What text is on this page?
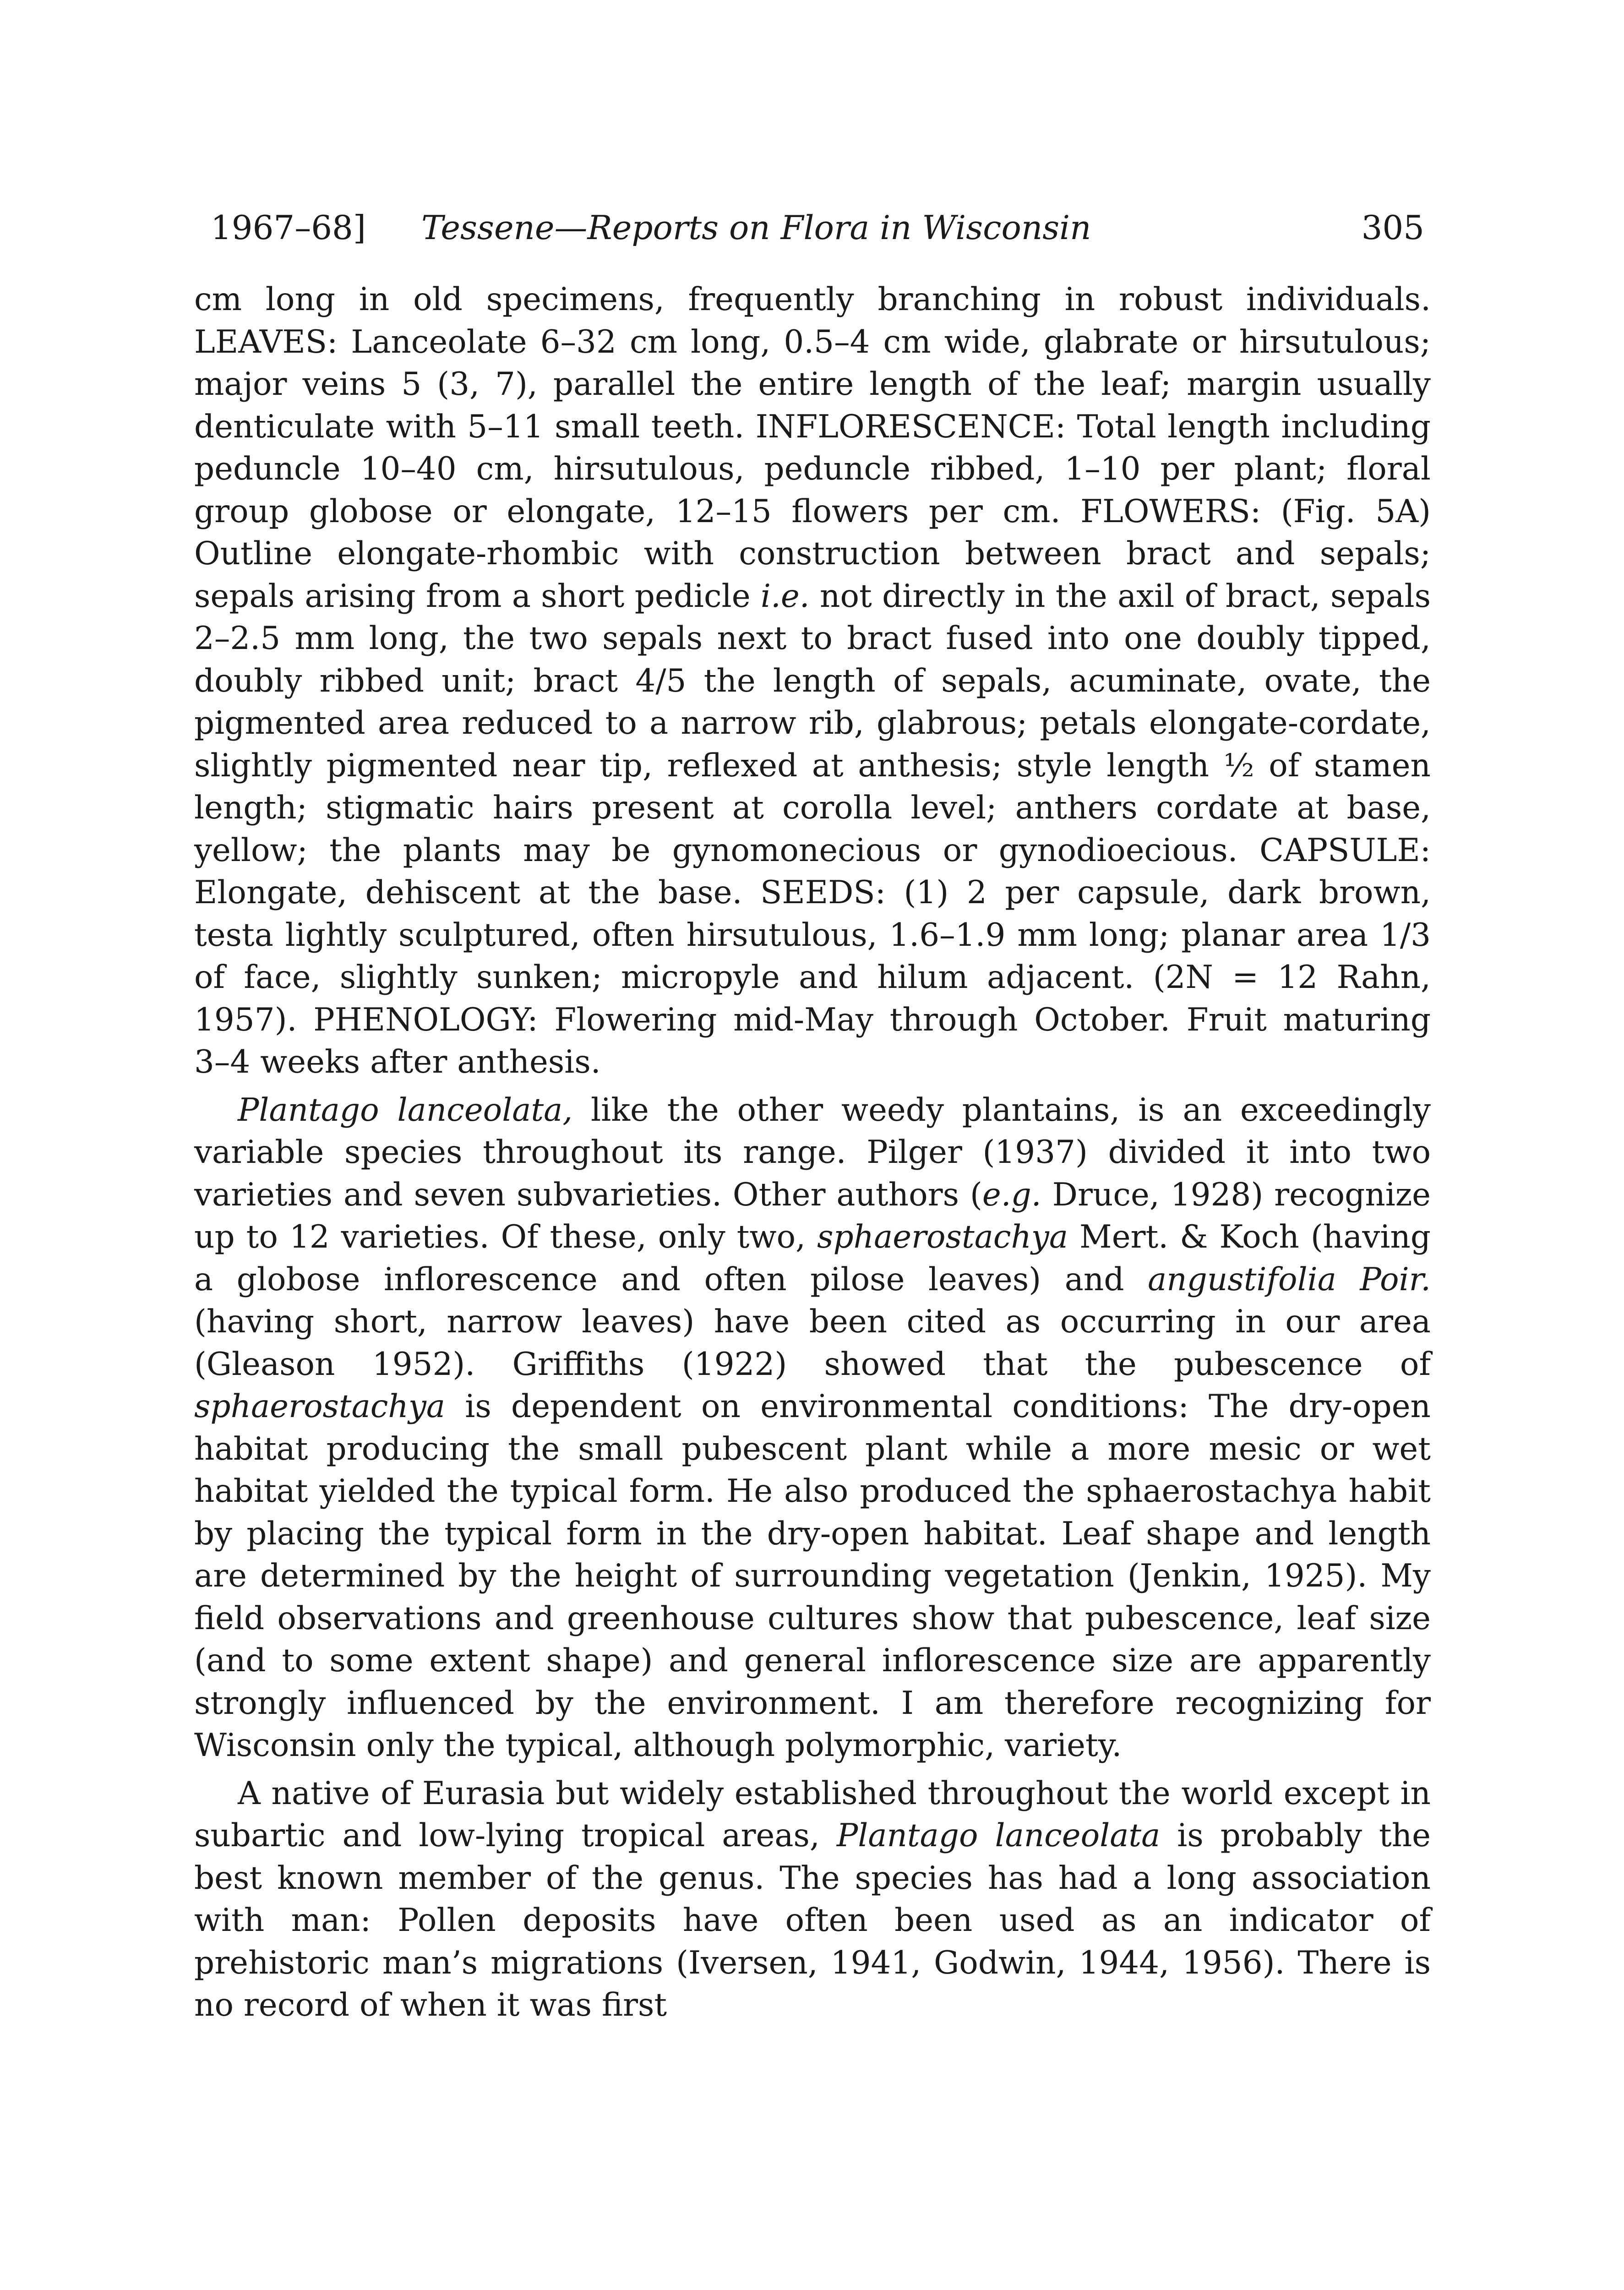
1967–68] Tessene—Reports on Flora in Wisconsin	305

cm long in old specimens, frequently branching in robust individuals. LEAVES: Lanceolate 6–32 cm long, 0.5–4 cm wide, glabrate or hirsutulous; major veins 5 (3, 7), parallel the entire length of the leaf; margin usually denticulate with 5–11 small teeth. INFLORESCENCE: Total length including peduncle 10–40 cm, hirsutulous, peduncle ribbed, 1–10 per plant; floral group globose or elongate, 12–15 flowers per cm. FLOWERS: (Fig. 5A) Outline elongate-rhombic with construction between bract and sepals; sepals arising from a short pedicle i.e. not directly in the axil of bract, sepals 2–2.5 mm long, the two sepals next to bract fused into one doubly tipped, doubly ribbed unit; bract 4/5 the length of sepals, acuminate, ovate, the pigmented area reduced to a narrow rib, glabrous; petals elongate-cordate, slightly pigmented near tip, reflexed at anthesis; style length ½ of stamen length; stigmatic hairs present at corolla level; anthers cordate at base, yellow; the plants may be gynomonecious or gynodioecious. CAPSULE: Elongate, dehiscent at the base. SEEDS: (1) 2 per capsule, dark brown, testa lightly sculptured, often hirsutulous, 1.6–1.9 mm long; planar area 1/3 of face, slightly sunken; micropyle and hilum adjacent. (2N = 12 Rahn, 1957). PHENOLOGY: Flowering mid-May through October. Fruit maturing 3–4 weeks after anthesis.

Plantago lanceolata, like the other weedy plantains, is an exceedingly variable species throughout its range. Pilger (1937) divided it into two varieties and seven subvarieties. Other authors (e.g. Druce, 1928) recognize up to 12 varieties. Of these, only two, sphaerostachya Mert. & Koch (having a globose inflorescence and often pilose leaves) and angustifolia Poir. (having short, narrow leaves) have been cited as occurring in our area (Gleason 1952). Griffiths (1922) showed that the pubescence of sphaerostachya is dependent on environmental conditions: The dry-open habitat producing the small pubescent plant while a more mesic or wet habitat yielded the typical form. He also produced the sphaerostachya habit by placing the typical form in the dry-open habitat. Leaf shape and length are determined by the height of surrounding vegetation (Jenkin, 1925). My field observations and greenhouse cultures show that pubescence, leaf size (and to some extent shape) and general inflorescence size are apparently strongly influenced by the environment. I am therefore recognizing for Wisconsin only the typical, although polymorphic, variety.

A native of Eurasia but widely established throughout the world except in subartic and low-lying tropical areas, Plantago lanceolata is probably the best known member of the genus. The species has had a long association with man: Pollen deposits have often been used as an indicator of prehistoric man’s migrations (Iversen, 1941, Godwin, 1944, 1956). There is no record of when it was first
